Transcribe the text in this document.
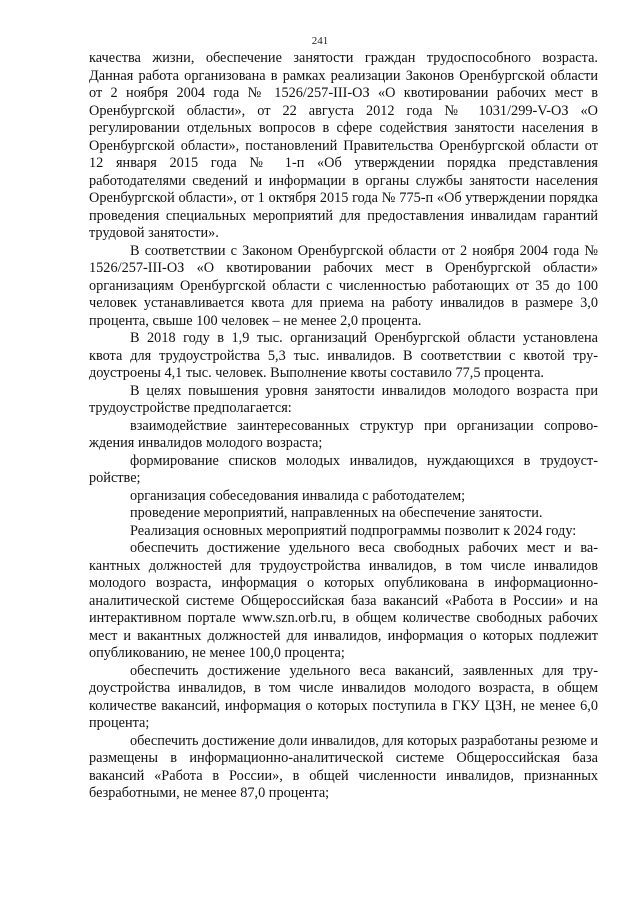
241

качества жизни, обеспечение занятости граждан трудоспособного возраста. Данная работа организована в рамках реализации Законов Оренбургской области от 2 ноября 2004 года № 1526/257-III-ОЗ «О квотировании рабочих мест в Оренбургской области», от 22 августа 2012 года № 1031/299-V-ОЗ «О регулировании отдельных вопросов в сфере содействия занятости населения в Оренбургской области», постановлений Правительства Оренбургской области от 12 января 2015 года № 1-п «Об утверждении порядка представления работодателями сведений и информации в органы службы занятости населения Оренбургской области», от 1 октября 2015 года № 775-п «Об утверждении порядка проведения специальных мероприятий для предоставления инвалидам гарантий трудовой занятости».

В соответствии с Законом Оренбургской области от 2 ноября 2004 года № 1526/257-III-ОЗ «О квотировании рабочих мест в Оренбургской области» организациям Оренбургской области с численностью работающих от 35 до 100 человек устанавливается квота для приема на работу инвалидов в размере 3,0 процента, свыше 100 человек – не менее 2,0 процента.

В 2018 году в 1,9 тыс. организаций Оренбургской области установлена квота для трудоустройства 5,3 тыс. инвалидов. В соответствии с квотой трудоустроены 4,1 тыс. человек. Выполнение квоты составило 77,5 процента.

В целях повышения уровня занятости инвалидов молодого возраста при трудоустройстве предполагается:

взаимодействие заинтересованных структур при организации сопровождения инвалидов молодого возраста;

формирование списков молодых инвалидов, нуждающихся в трудоустройстве;

организация собеседования инвалида с работодателем;

проведение мероприятий, направленных на обеспечение занятости.

Реализация основных мероприятий подпрограммы позволит к 2024 году:

обеспечить достижение удельного веса свободных рабочих мест и вакантных должностей для трудоустройства инвалидов, в том числе инвалидов молодого возраста, информация о которых опубликована в информационно-аналитической системе Общероссийская база вакансий «Работа в России» и на интерактивном портале www.szn.orb.ru, в общем количестве свободных рабочих мест и вакантных должностей для инвалидов, информация о которых подлежит опубликованию, не менее 100,0 процента;

обеспечить достижение удельного веса вакансий, заявленных для трудоустройства инвалидов, в том числе инвалидов молодого возраста, в общем количестве вакансий, информация о которых поступила в ГКУ ЦЗН, не менее 6,0 процента;

обеспечить достижение доли инвалидов, для которых разработаны резюме и размещены в информационно-аналитической системе Общероссийская база вакансий «Работа в России», в общей численности инвалидов, признанных безработными, не менее 87,0 процента;
